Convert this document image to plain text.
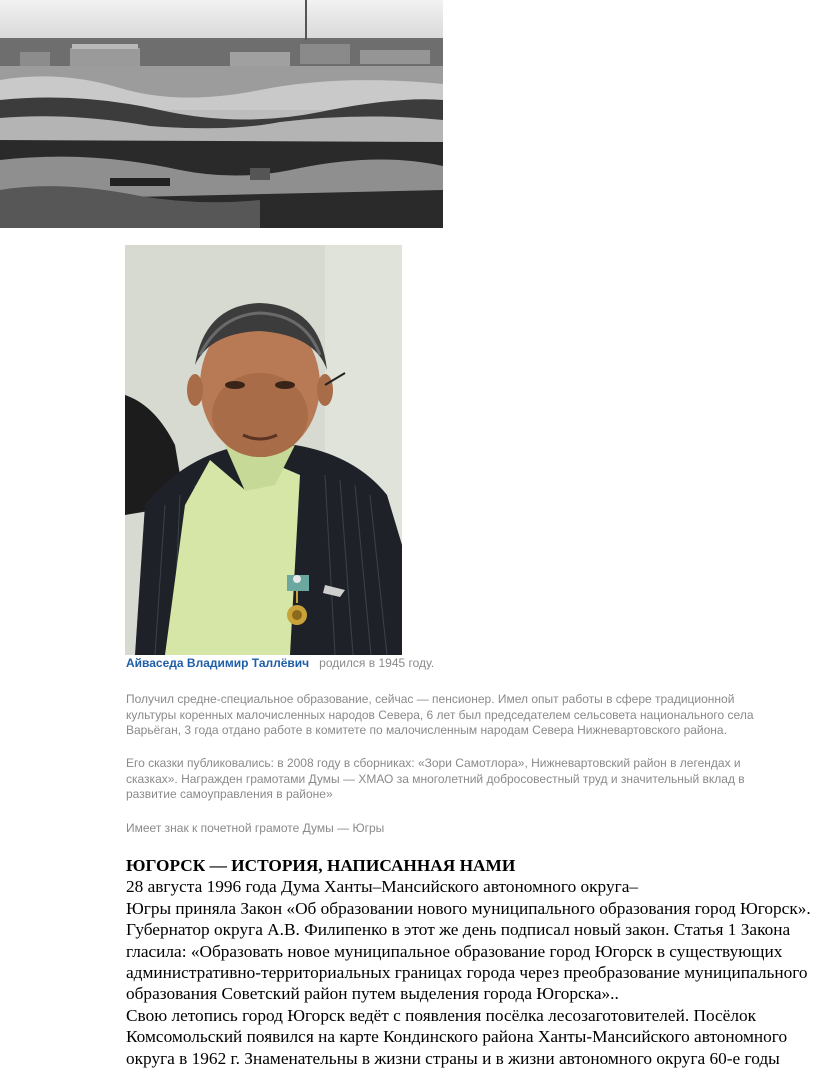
Айваседа Владимир Таллёвич родился в 1945 году.

Получил средне-специальное образование, сейчас — пенсионер. Имел опыт работы в сфере традиционной культуры коренных малочисленных народов Севера, 6 лет был председателем сельсовета национального села Варьёган, 3 года отдано работе в комитете по малочисленным народам Севера Нижневартовского района.

Его сказки публиковались: в 2008 году в сборниках: «Зори Самотлора», Нижневартовский район в легендах и сказках». Награжден грамотами Думы — ХМАО за многолетний добросовестный труд и значительный вклад в развитие самоуправления в районе»

Имеет знак к почетной грамоте Думы — Югры

ЮГОРСК — ИСТОРИЯ, НАПИСАННАЯ НАМИ

28 августа 1996 года Дума Ханты–Мансийского автономного округа–

Югры приняла Закон «Об образовании нового муниципального образования город Югорск». Губернатор округа А.В. Филипенко в этот же день подписал новый закон. Статья 1 Закона гласила: «Образовать новое муниципальное образование город Югорск в существующих административно-территориальных границах города через преобразование муниципального образования Советский район путем выделения города Югорска»..

Свою летопись город Югорск ведёт с появления посёлка лесозаготовителей. Посёлок Комсомольский появился на карте Кондинского района Ханты-Мансийского автономного округа в 1962 г. Знаменательны в жизни страны и в жизни автономного округа 60-е годы
